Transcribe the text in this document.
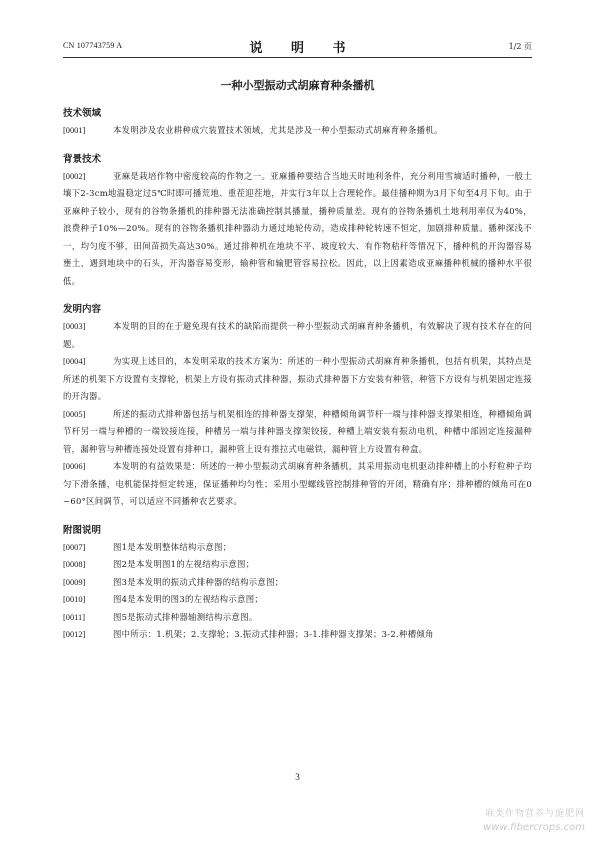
CN 107743759 A	说 明 书	1/2 页
一种小型振动式胡麻育种条播机
技术领域

[0001]	本发明涉及农业耕种成穴装置技术领域，尤其是涉及一种小型振动式胡麻育种条播机。

背景技术

[0002]	亚麻是栽培作物中密度较高的作物之一。亚麻播种要结合当地天时地利条件，充分利用雪墒适时播种，一般土壤下2-3cm地温稳定过5℃时即可播荒地、重茬迎茬地，并实行3年以上合理轮作。最佳播种期为3月下旬至4月下旬。由于亚麻种子较小，现有的谷物条播机的排种器无法准确控制其播量，播种质量差。现有的谷物条播机土地利用率仅为40%，浪费种子10%—20%。现有的谷物条播机排种器动力通过地轮传动，造成排种轮转速不恒定，加剧排种质量。播种深浅不一，均匀度不够，田间苗损失高达30%。通过排种机在地块不平、坡度较大、有作物秸秆等情况下，播种机的开沟器容易壅土，遇到地块中的石头，开沟器容易变形，输种管和输肥管容易拉松。因此，以上因素造成亚麻播种机械的播种水平很低。

发明内容

[0003]	本发明的目的在于避免现有技术的缺陷而提供一种小型振动式胡麻育种条播机，有效解决了现有技术存在的问题。

[0004]	为实现上述目的，本发明采取的技术方案为：所述的一种小型振动式胡麻育种条播机，包括有机架，其特点是所述的机架下方设置有支撑轮，机架上方设有振动式排种器，振动式排种器下方安装有种管，种管下方设有与机架固定连接的开沟器。

[0005]	所述的振动式排种器包括与机架相连的排种器支撑架，种槽倾角调节杆一端与排种器支撑架相连，种槽倾角调节杆另一端与种槽的一端铰接连接，种槽另一端与排种器支撑架铰接，种槽上端安装有振动电机，种槽中部固定连接漏种管，漏种管与种槽连接处设置有排种口，漏种管上设有推拉式电磁铁，漏种管上方设置有种盒。

[0006]	本发明的有益效果是：所述的一种小型振动式胡麻育种条播机，其采用振动电机驱动排种槽上的小籽粒种子均匀下滑条播，电机能保持恒定转速，保证播种均匀性；采用小型螺线管控制排种管的开闭，精确有序；排种槽的倾角可在0~60°区间调节，可以适应不同播种农艺要求。

附图说明

[0007]	图1是本发明整体结构示意图；

[0008]	图2是本发明图1的左视结构示意图；

[0009]	图3是本发明的振动式排种器的结构示意图；

[0010]	图4是本发明的图3的左视结构示意图；

[0011]	图5是振动式排种器轴测结构示意图。

[0012]	图中所示：1.机架；2.支撑轮；3.振动式排种器；3-1.排种器支撑架；3-2.种槽倾角

3
麻类作物营养与施肥网
www.fibercrops.com
